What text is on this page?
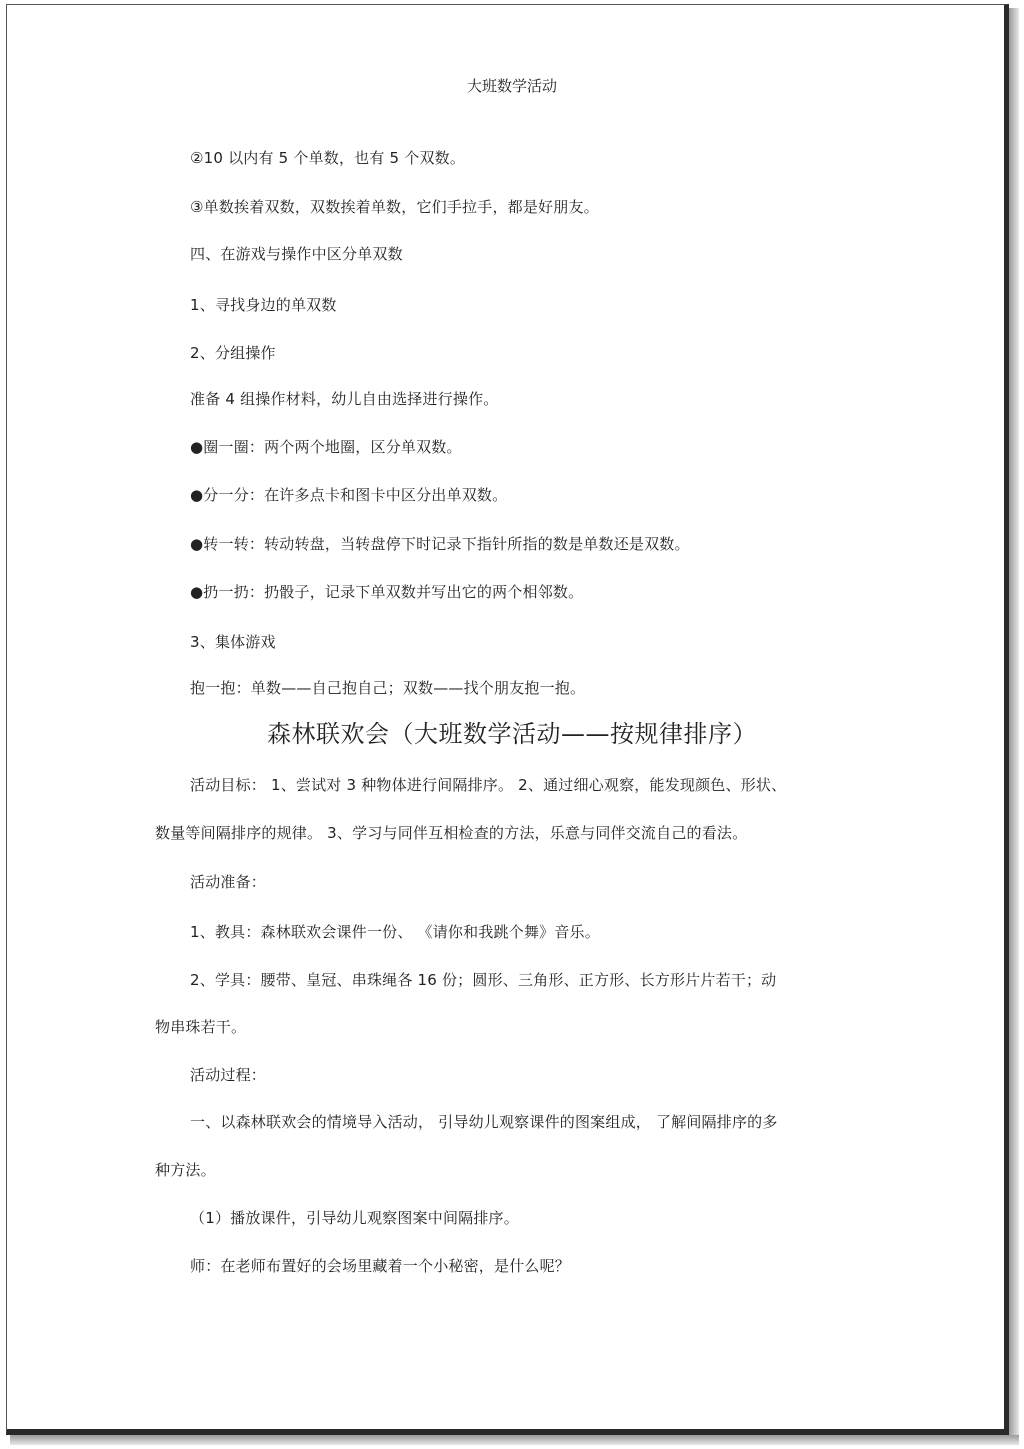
大班数学活动
②10 以内有 5 个单数，也有 5 个双数。
③单数挨着双数，双数挨着单数，它们手拉手，都是好朋友。
四、在游戏与操作中区分单双数
1、寻找身边的单双数
2、分组操作
准备 4 组操作材料，幼儿自由选择进行操作。
●圈一圈：两个两个地圈，区分单双数。
●分一分：在许多点卡和图卡中区分出单双数。
●转一转：转动转盘，当转盘停下时记录下指针所指的数是单数还是双数。
●扔一扔：扔骰子，记录下单双数并写出它的两个相邻数。
3、集体游戏
抱一抱：单数——自己抱自己；双数——找个朋友抱一抱。
森林联欢会（大班数学活动——按规律排序）
活动目标： 1、尝试对 3 种物体进行间隔排序。 2、通过细心观察，能发现颜色、形状、
数量等间隔排序的规律。 3、学习与同伴互相检查的方法，乐意与同伴交流自己的看法。
活动准备：
1、教具：森林联欢会课件一份、 《请你和我跳个舞》音乐。
2、学具：腰带、皇冠、串珠绳各 16 份；圆形、三角形、正方形、长方形片片若干；动
物串珠若干。
活动过程：
一、以森林联欢会的情境导入活动， 引导幼儿观察课件的图案组成， 了解间隔排序的多
种方法。
（1）播放课件，引导幼儿观察图案中间隔排序。
师：在老师布置好的会场里藏着一个小秘密，是什么呢？
